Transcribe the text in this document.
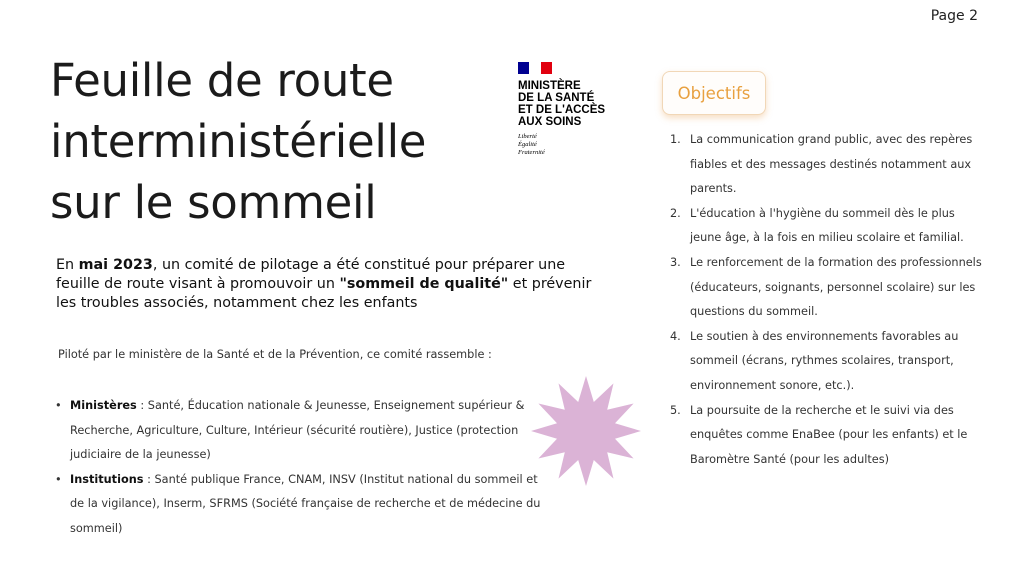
Page 2
Feuille de route
interministérielle
sur le sommeil
MINISTÈRE
DE LA SANTÉ
ET DE L'ACCÈS
AUX SOINS
Liberté
Égalité
Fraternité

En mai 2023, un comité de pilotage a été constitué pour préparer une feuille de route visant à promouvoir un "sommeil de qualité" et prévenir les troubles associés, notamment chez les enfants

Piloté par le ministère de la Santé et de la Prévention, ce comité rassemble :

• Ministères : Santé, Éducation nationale & Jeunesse, Enseignement supérieur & Recherche, Agriculture, Culture, Intérieur (sécurité routière), Justice (protection judiciaire de la jeunesse)
• Institutions : Santé publique France, CNAM, INSV (Institut national du sommeil et de la vigilance), Inserm, SFRMS (Société française de recherche et de médecine du sommeil)
Objectifs
1. La communication grand public, avec des repères fiables et des messages destinés notamment aux parents.
2. L'éducation à l'hygiène du sommeil dès le plus jeune âge, à la fois en milieu scolaire et familial.
3. Le renforcement de la formation des professionnels (éducateurs, soignants, personnel scolaire) sur les questions du sommeil.
4. Le soutien à des environnements favorables au sommeil (écrans, rythmes scolaires, transport, environnement sonore, etc.).
5. La poursuite de la recherche et le suivi via des enquêtes comme EnaBee (pour les enfants) et le Baromètre Santé (pour les adultes)
